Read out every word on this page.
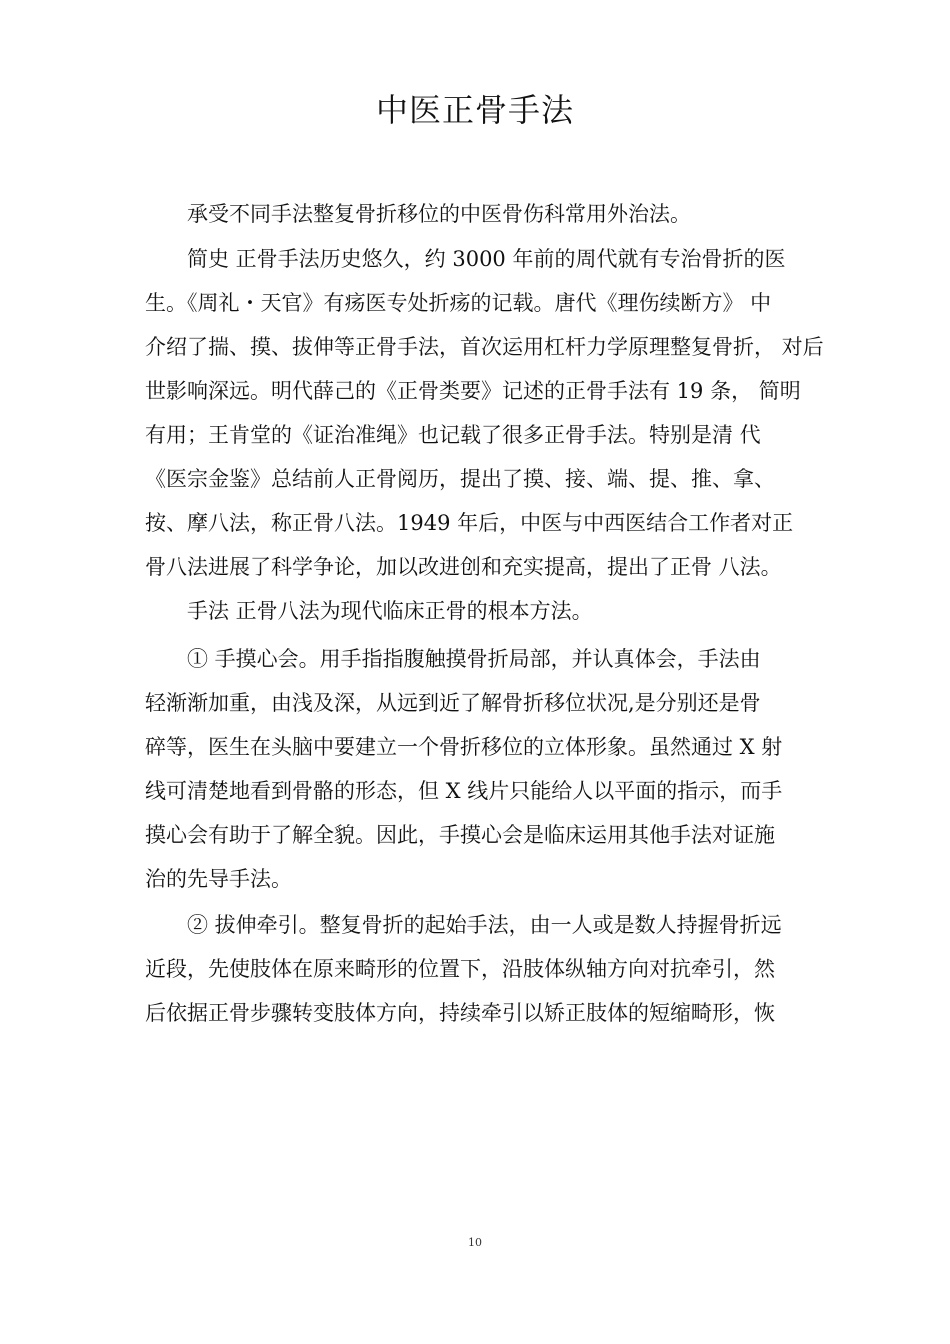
中医正骨手法
承受不同手法整复骨折移位的中医骨伤科常用外治法。
简史 正骨手法历史悠久，约 3000 年前的周代就有专治骨折的医
生。《周礼・天官》有疡医专处折疡的记载。唐代《理伤续断方》 中
介绍了揣、摸、拔伸等正骨手法，首次运用杠杆力学原理整复骨折， 对后
世影响深远。明代薛己的《正骨类要》记述的正骨手法有 19 条， 简明
有用；王肯堂的《证治准绳》也记载了很多正骨手法。特别是清 代
《医宗金鉴》总结前人正骨阅历，提出了摸、接、端、提、推、拿、
按、摩八法，称正骨八法。1949 年后，中医与中西医结合工作者对正
骨八法进展了科学争论，加以改进创和充实提高，提出了正骨 八法。
手法 正骨八法为现代临床正骨的根本方法。
① 手摸心会。用手指指腹触摸骨折局部，并认真体会，手法由
轻渐渐加重，由浅及深，从远到近了解骨折移位状况,是分别还是骨
碎等，医生在头脑中要建立一个骨折移位的立体形象。虽然通过 X 射
线可清楚地看到骨骼的形态，但 X 线片只能给人以平面的指示，而手
摸心会有助于了解全貌。因此，手摸心会是临床运用其他手法对证施
治的先导手法。
② 拔伸牵引。整复骨折的起始手法，由一人或是数人持握骨折远
近段，先使肢体在原来畸形的位置下，沿肢体纵轴方向对抗牵引，然
后依据正骨步骤转变肢体方向，持续牵引以矫正肢体的短缩畸形，恢
10
